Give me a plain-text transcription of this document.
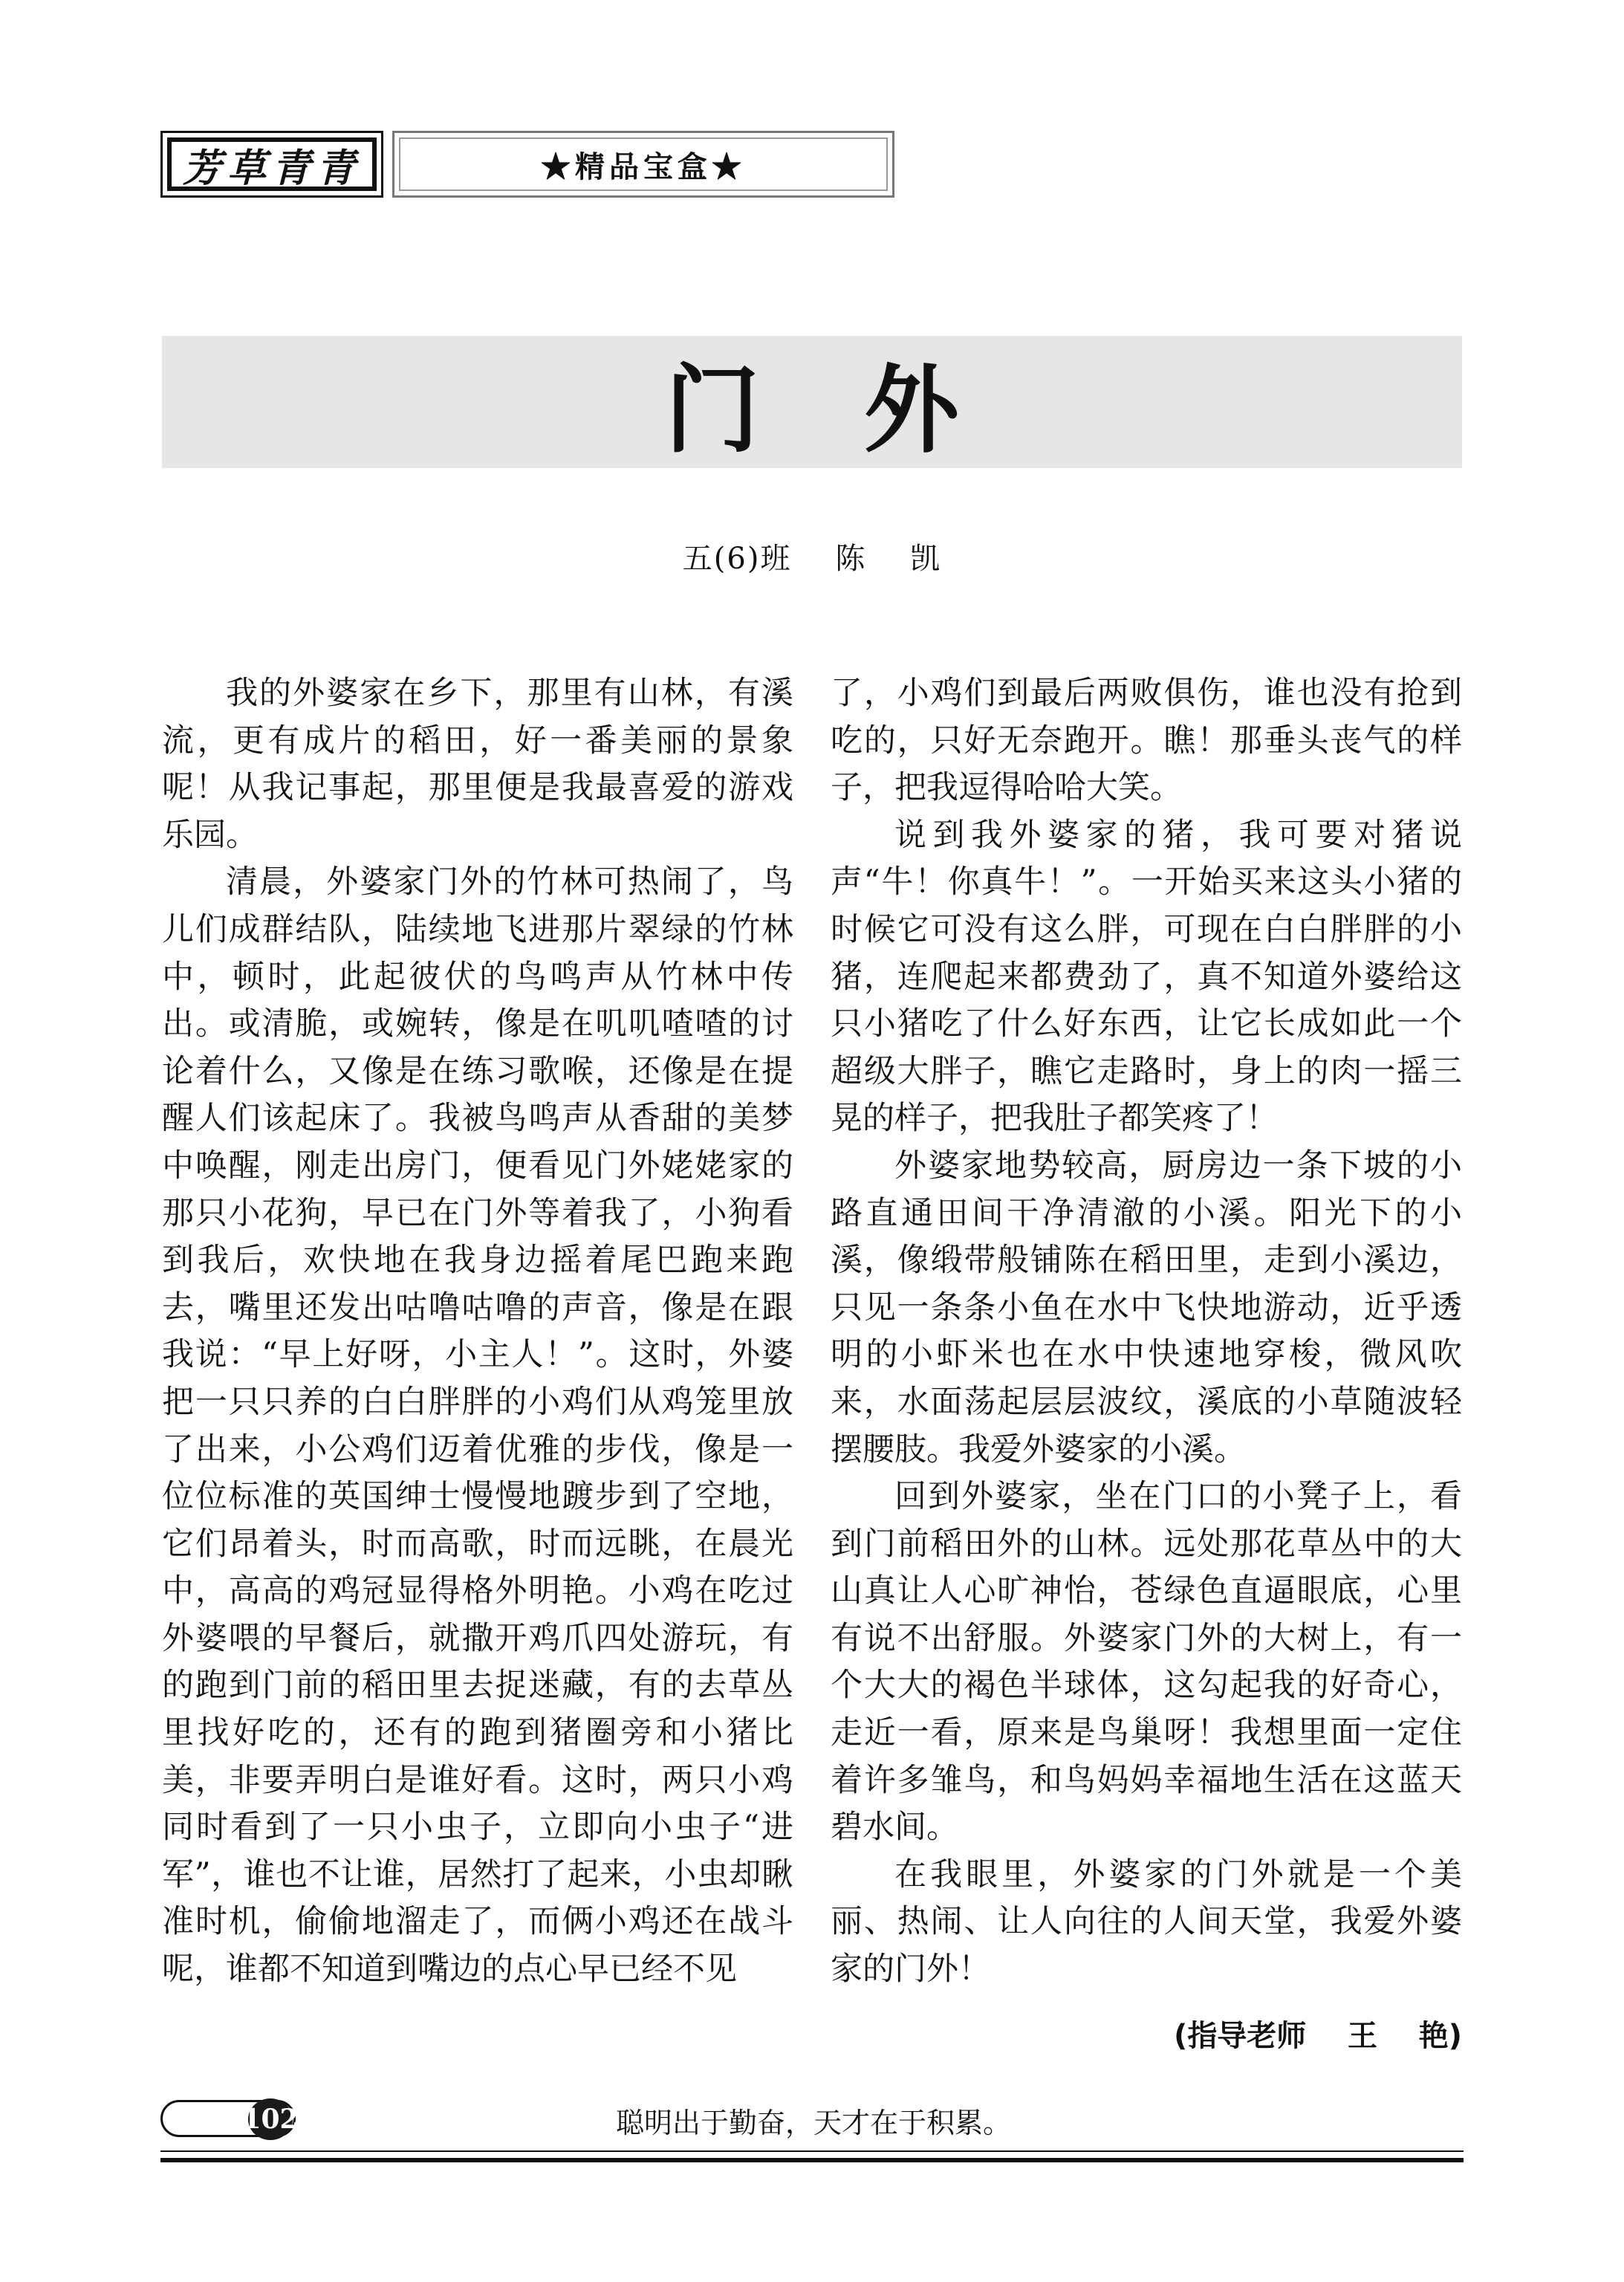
芳草青青	★精品宝盒★
门外
五(6)班    陈    凯

我的外婆家在乡下，那里有山林，有溪流，更有成片的稻田，好一番美丽的景象呢！从我记事起，那里便是我最喜爱的游戏乐园。

清晨，外婆家门外的竹林可热闹了，鸟儿们成群结队，陆续地飞进那片翠绿的竹林中，顿时，此起彼伏的鸟鸣声从竹林中传出。或清脆，或婉转，像是在叽叽喳喳的讨论着什么，又像是在练习歌喉，还像是在提醒人们该起床了。我被鸟鸣声从香甜的美梦中唤醒，刚走出房门，便看见门外姥姥家的那只小花狗，早已在门外等着我了，小狗看到我后，欢快地在我身边摇着尾巴跑来跑去，嘴里还发出咕噜咕噜的声音，像是在跟我说：“早上好呀，小主人！”。这时，外婆把一只只养的白白胖胖的小鸡们从鸡笼里放了出来，小公鸡们迈着优雅的步伐，像是一位位标准的英国绅士慢慢地踱步到了空地，它们昂着头，时而高歌，时而远眺，在晨光中，高高的鸡冠显得格外明艳。小鸡在吃过外婆喂的早餐后，就撒开鸡爪四处游玩，有的跑到门前的稻田里去捉迷藏，有的去草丛里找好吃的，还有的跑到猪圈旁和小猪比美，非要弄明白是谁好看。这时，两只小鸡同时看到了一只小虫子，立即向小虫子“进军”，谁也不让谁，居然打了起来，小虫却瞅准时机，偷偷地溜走了，而俩小鸡还在战斗呢，谁都不知道到嘴边的点心早已经不见

了，小鸡们到最后两败俱伤，谁也没有抢到吃的，只好无奈跑开。瞧！那垂头丧气的样子，把我逗得哈哈大笑。

说到我外婆家的猪，我可要对猪说声“牛！你真牛！”。一开始买来这头小猪的时候它可没有这么胖，可现在白白胖胖的小猪，连爬起来都费劲了，真不知道外婆给这只小猪吃了什么好东西，让它长成如此一个超级大胖子，瞧它走路时，身上的肉一摇三晃的样子，把我肚子都笑疼了！

外婆家地势较高，厨房边一条下坡的小路直通田间干净清澈的小溪。阳光下的小溪，像缎带般铺陈在稻田里，走到小溪边，只见一条条小鱼在水中飞快地游动，近乎透明的小虾米也在水中快速地穿梭，微风吹来，水面荡起层层波纹，溪底的小草随波轻摆腰肢。我爱外婆家的小溪。

回到外婆家，坐在门口的小凳子上，看到门前稻田外的山林。远处那花草丛中的大山真让人心旷神怡，苍绿色直逼眼底，心里有说不出舒服。外婆家门外的大树上，有一个大大的褐色半球体，这勾起我的好奇心，走近一看，原来是鸟巢呀！我想里面一定住着许多雏鸟，和鸟妈妈幸福地生活在这蓝天碧水间。

在我眼里，外婆家的门外就是一个美丽、热闹、让人向往的人间天堂，我爱外婆家的门外！

(指导老师    王    艳)
102	聪明出于勤奋，天才在于积累。
